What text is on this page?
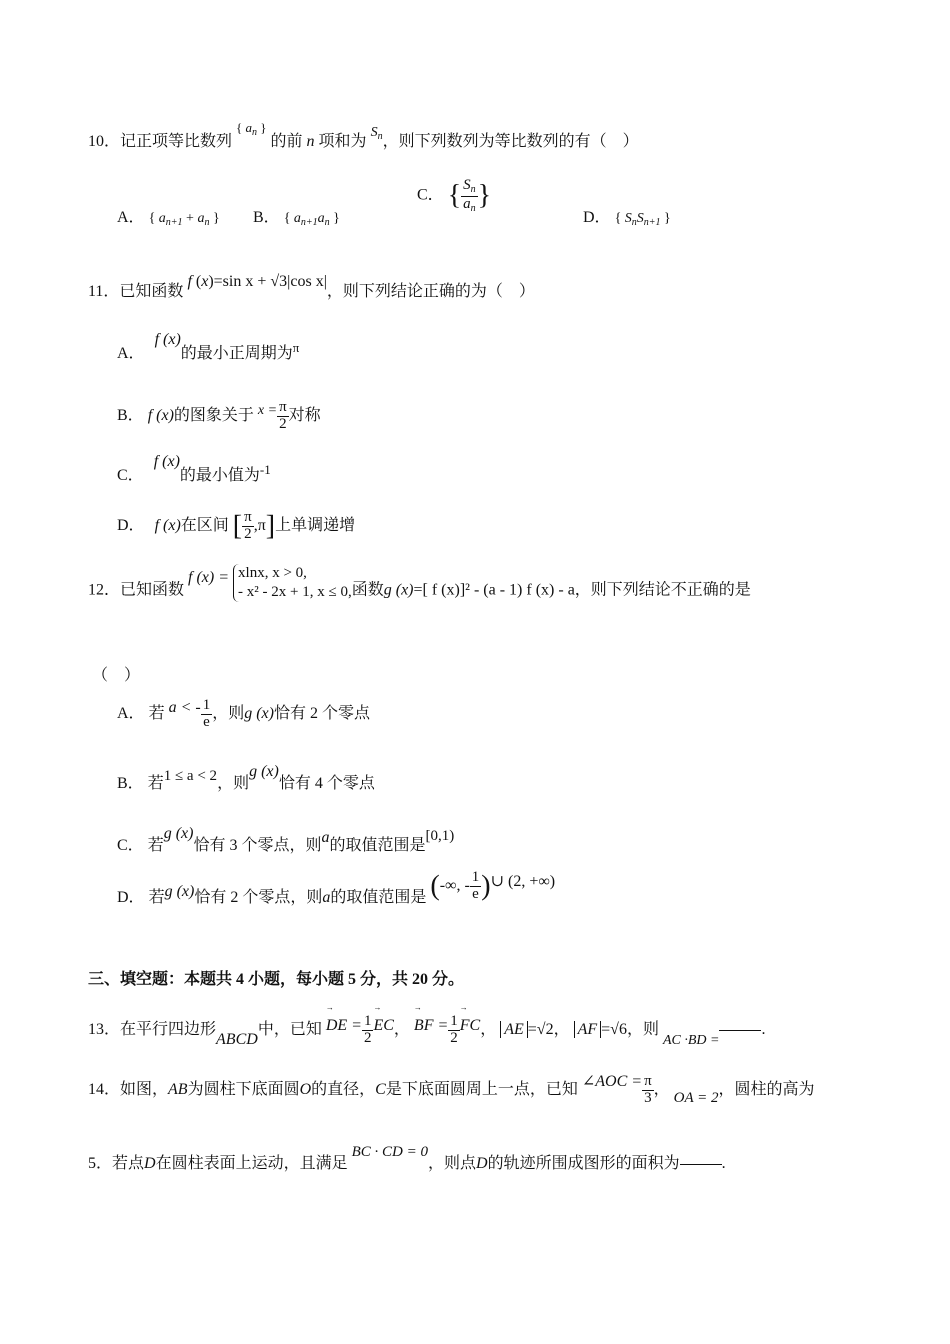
10．记正项等比数列 $^{\{ a_n \}}$ 的前 n 项和为 $S_n$，则下列数列为等比数列的有（　）
A． { $a_{n+1} + a_n$ } B． { $a_{n+1}a_n$ }
C． { $\frac{S_n}{a_n}$ }
D． { $S_nS_{n+1}$ }
11．已知函数 f (x)=sin x + √3|cos x|，则下列结论正确的为（　）
A． f (x)的最小正周期为$^\pi$
B． f (x)的图象关于 $x = \frac{\pi}{2}$ 对称
C． f (x)的最小值为$^{-1}$
D． f (x)在区间 [ $\frac{\pi}{2} ,\pi$]上单调递增
12．已知函数 f (x) = xlnx, x > 0,
- x² - 2x + 1, x ≤ 0, 函数g (x)=[ f (x)]² - (a - 1) f (x) - a，则下列结论不正确的是
（　）
A． 若 a < - $\frac{1}{e}$ ，则g (x)恰有 2 个零点
B． 若1 ≤ a < 2，则g (x)恰有 4 个零点
C． 若g (x)恰有 3 个零点，则a的取值范围是[0,1)
D． 若g (x)恰有 2 个零点，则a的取值范围是 (-∞, - $\frac{1}{e}$ )∪ (2, +∞)
三、填空题：本题共 4 小题，每小题 5 分，共 20 分。
13．在平行四边形ABCD中，已知 → DE = $\frac{1}{2}$ → EC， → BF = $\frac{1}{2}$ → FC， AE =√2， AF =√6，则 AC ·BD =.
14．如图，AB为圆柱下底面圆O的直径，C是下底面圆周上一点，已知 ∠AOC = $\frac{\pi}{3}$ ， OA = 2，圆柱的高为
5．若点D在圆柱表面上运动，且满足 BC · CD = 0，则点D的轨迹所围成图形的面积为	.
